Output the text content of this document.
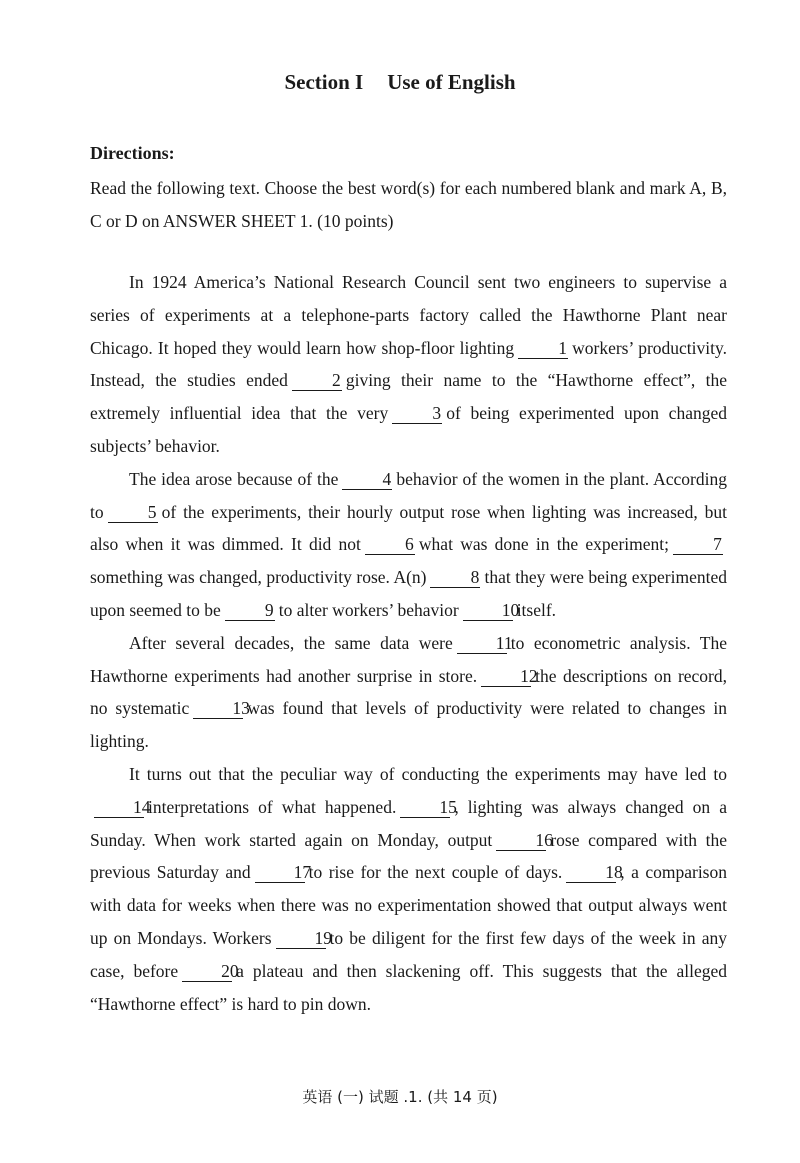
Section I Use of English

Directions:

Read the following text. Choose the best word(s) for each numbered blank and mark A, B, C or D on ANSWER SHEET 1. (10 points)

In 1924 America’s National Research Council sent two engineers to supervise a series of experiments at a telephone-parts factory called the Hawthorne Plant near Chicago. It hoped they would learn how shop-floor lighting	1 workers’ productivity. Instead, the studies ended	2 giving their name to the “Hawthorne effect”, the extremely influential idea that the very	3 of being experimented upon changed subjects’ behavior.

The idea arose because of the	4 behavior of the women in the plant. According to	5 of the experiments, their hourly output rose when lighting was increased, but also when it was dimmed. It did not	6 what was done in the experiment;	7something was changed, productivity rose. A(n)	8 that they were being experimented upon seemed to be	9 to alter workers’ behavior 10itself.

After several decades, the same data were 11to econometric analysis. The Hawthorne experiments had another surprise in store. 12the descriptions on record, no systematic 13was found that levels of productivity were related to changes in lighting.

It turns out that the peculiar way of conducting the experiments may have led to14interpretations of what happened. 15, lighting was always changed on a Sunday. When work started again on Monday, output 16rose compared with the previous Saturday and 17to rise for the next couple of days. 18, a comparison with data for weeks when there was no experimentation showed that output always went up on Mondays. Workers 19to be diligent for the first few days of the week in any case, before 20a plateau and then slackening off. This suggests that the alleged “Hawthorne effect” is hard to pin down.

英语 (一) 试题 .1. (共 14 页)
